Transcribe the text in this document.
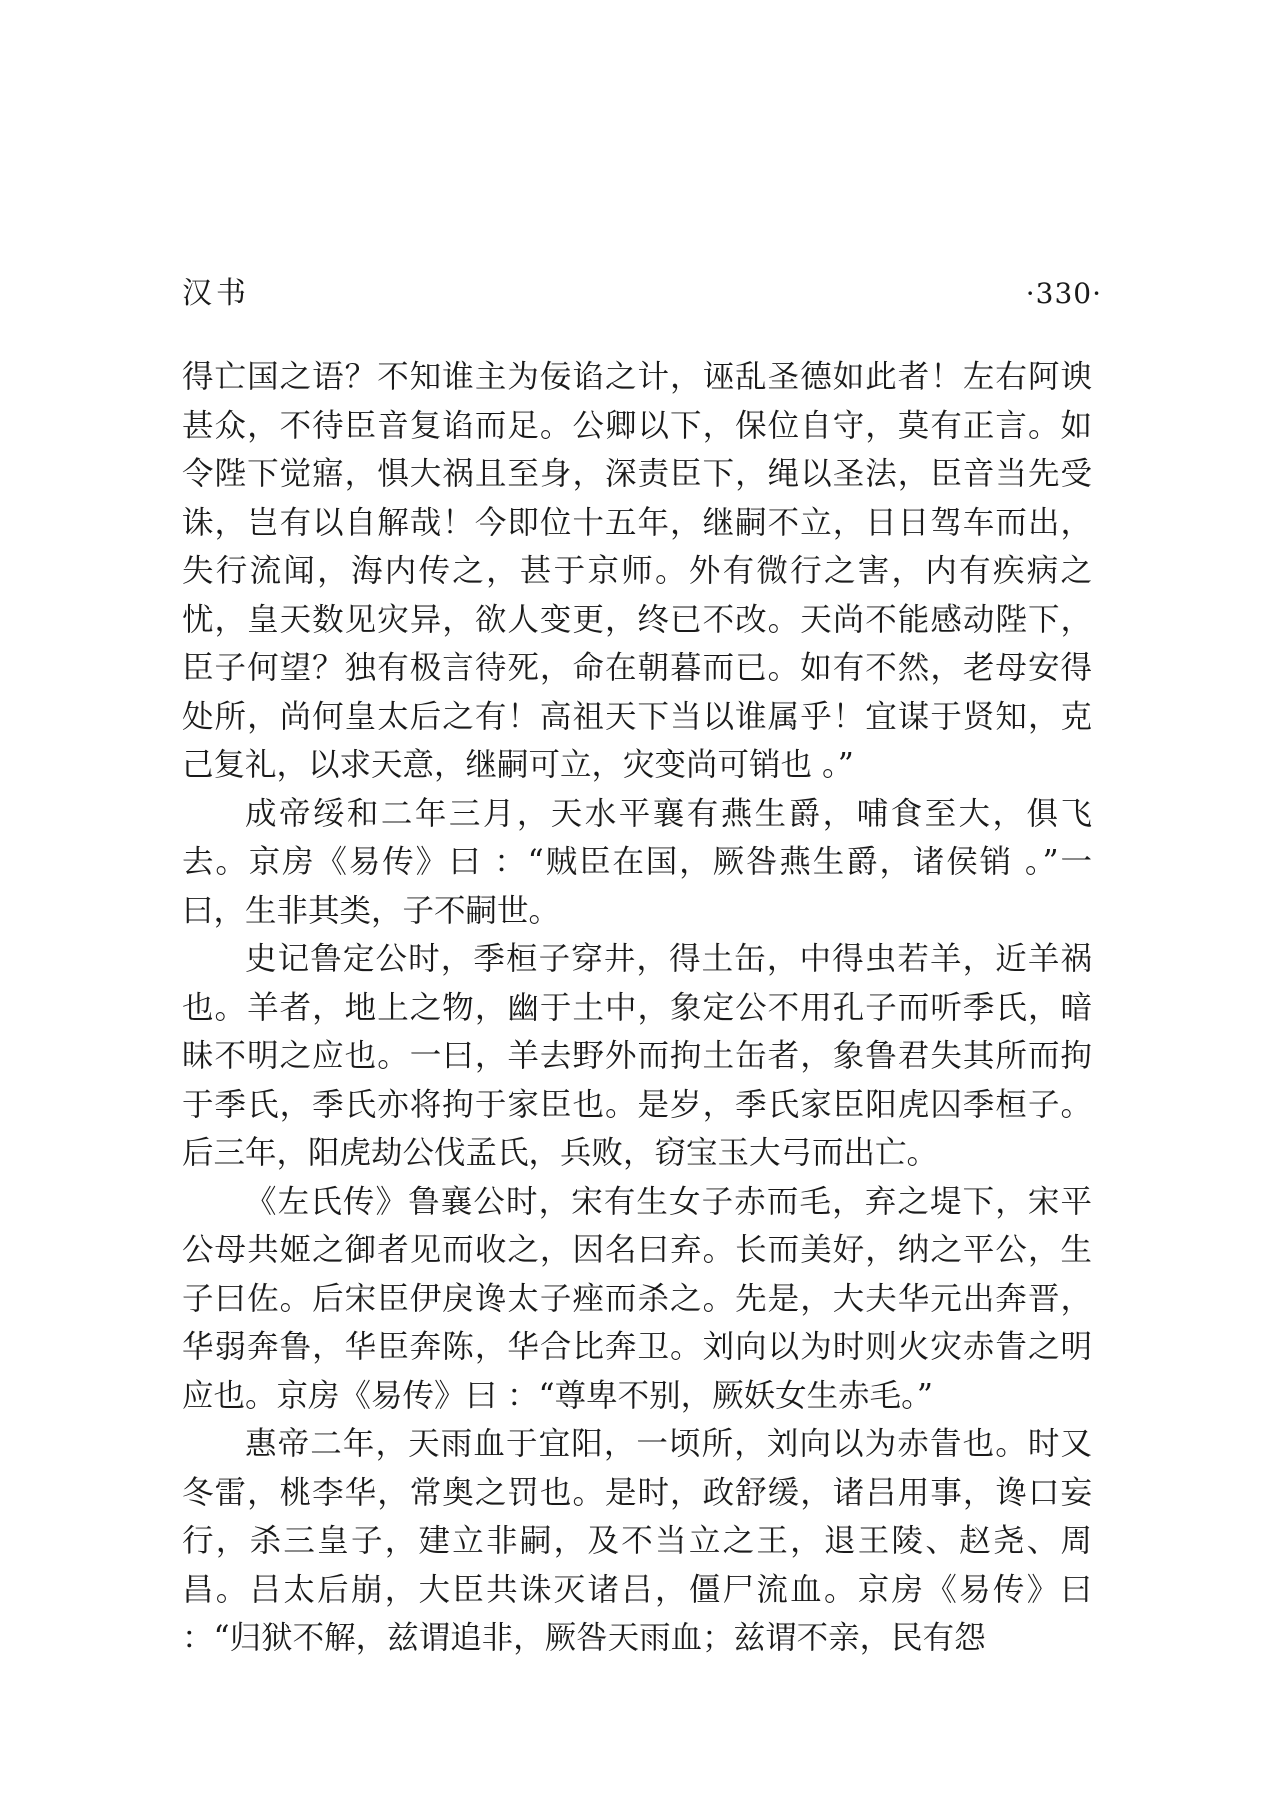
汉书	·330·

得亡国之语？不知谁主为佞谄之计，诬乱圣德如此者！左右阿谀甚众，不待臣音复谄而足。公卿以下，保位自守，莫有正言。如令陛下觉寤，惧大祸且至身，深责臣下，绳以圣法，臣音当先受诛，岂有以自解哉！今即位十五年，继嗣不立，日日驾车而出，失行流闻，海内传之，甚于京师。外有微行之害，内有疾病之忧，皇天数见灾异，欲人变更，终已不改。天尚不能感动陛下，臣子何望？独有极言待死，命在朝暮而已。如有不然，老母安得处所，尚何皇太后之有！高祖天下当以谁属乎！宜谋于贤知，克己复礼，以求天意，继嗣可立，灾变尚可销也 。”

成帝绥和二年三月，天水平襄有燕生爵，哺食至大，俱飞去。京房《易传》曰 ：“贼臣在国，厥咎燕生爵，诸侯销 。”一曰，生非其类，子不嗣世。

史记鲁定公时，季桓子穿井，得土缶，中得虫若羊，近羊祸也。羊者，地上之物，幽于土中，象定公不用孔子而听季氏，暗昧不明之应也。一曰，羊去野外而拘土缶者，象鲁君失其所而拘于季氏，季氏亦将拘于家臣也。是岁，季氏家臣阳虎囚季桓子。后三年，阳虎劫公伐孟氏，兵败，窃宝玉大弓而出亡。

《左氏传》鲁襄公时，宋有生女子赤而毛，弃之堤下，宋平公母共姬之御者见而收之，因名曰弃。长而美好，纳之平公，生子曰佐。后宋臣伊戾谗太子痤而杀之。先是，大夫华元出奔晋，华弱奔鲁，华臣奔陈，华合比奔卫。刘向以为时则火灾赤眚之明应也。京房《易传》曰 ：“尊卑不别，厥妖女生赤毛。”

惠帝二年，天雨血于宜阳，一顷所，刘向以为赤眚也。时又冬雷，桃李华，常奥之罚也。是时，政舒缓，诸吕用事，谗口妄行，杀三皇子，建立非嗣，及不当立之王，退王陵、赵尧、周昌。吕太后崩，大臣共诛灭诸吕，僵尸流血。京房《易传》曰 ：“归狱不解，兹谓追非，厥咎天雨血；兹谓不亲，民有怨
